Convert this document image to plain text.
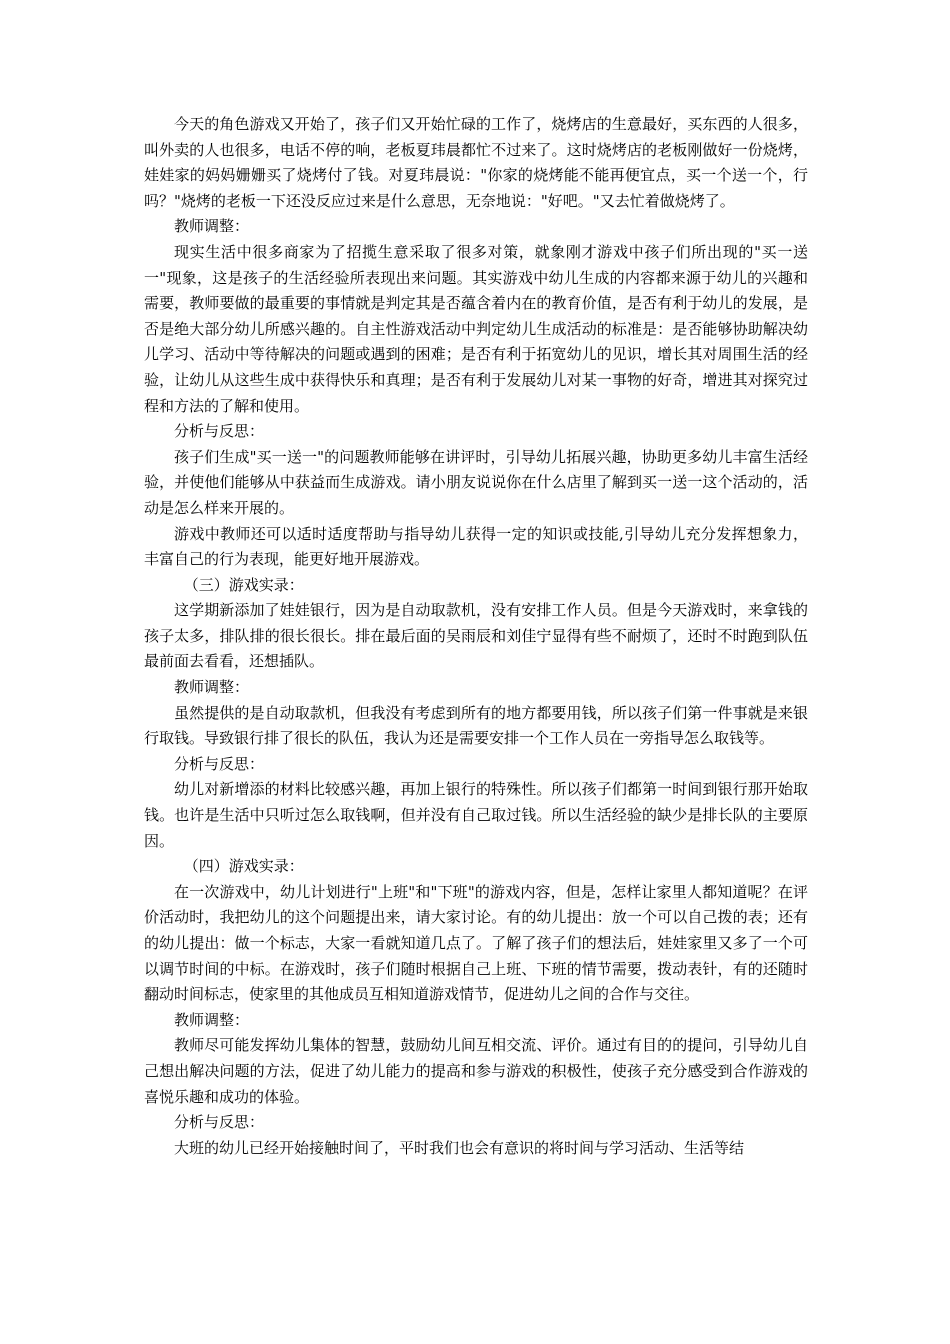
今天的角色游戏又开始了，孩子们又开始忙碌的工作了，烧烤店的生意最好，买东西的人很多，叫外卖的人也很多，电话不停的响，老板夏玮晨都忙不过来了。这时烧烤店的老板刚做好一份烧烤，娃娃家的妈妈姗姗买了烧烤付了钱。对夏玮晨说："你家的烧烤能不能再便宜点，买一个送一个，行吗？"烧烤的老板一下还没反应过来是什么意思，无奈地说："好吧。"又去忙着做烧烤了。

教师调整：

现实生活中很多商家为了招揽生意采取了很多对策，就象刚才游戏中孩子们所出现的"买一送一"现象，这是孩子的生活经验所表现出来问题。其实游戏中幼儿生成的内容都来源于幼儿的兴趣和需要，教师要做的最重要的事情就是判定其是否蕴含着内在的教育价值，是否有利于幼儿的发展，是否是绝大部分幼儿所感兴趣的。自主性游戏活动中判定幼儿生成活动的标准是：是否能够协助解决幼儿学习、活动中等待解决的问题或遇到的困难；是否有利于拓宽幼儿的见识，增长其对周围生活的经验，让幼儿从这些生成中获得快乐和真理；是否有利于发展幼儿对某一事物的好奇，增进其对探究过程和方法的了解和使用。

分析与反思：

孩子们生成"买一送一"的问题教师能够在讲评时，引导幼儿拓展兴趣，协助更多幼儿丰富生活经验，并使他们能够从中获益而生成游戏。请小朋友说说你在什么店里了解到买一送一这个活动的，活动是怎么样来开展的。

游戏中教师还可以适时适度帮助与指导幼儿获得一定的知识或技能,引导幼儿充分发挥想象力，丰富自己的行为表现，能更好地开展游戏。

（三）游戏实录：

这学期新添加了娃娃银行，因为是自动取款机，没有安排工作人员。但是今天游戏时，来拿钱的孩子太多，排队排的很长很长。排在最后面的吴雨辰和刘佳宁显得有些不耐烦了，还时不时跑到队伍最前面去看看，还想插队。

教师调整：

虽然提供的是自动取款机，但我没有考虑到所有的地方都要用钱，所以孩子们第一件事就是来银行取钱。导致银行排了很长的队伍，我认为还是需要安排一个工作人员在一旁指导怎么取钱等。

分析与反思：

幼儿对新增添的材料比较感兴趣，再加上银行的特殊性。所以孩子们都第一时间到银行那开始取钱。也许是生活中只听过怎么取钱啊，但并没有自己取过钱。所以生活经验的缺少是排长队的主要原因。

（四）游戏实录：

在一次游戏中，幼儿计划进行"上班"和"下班"的游戏内容，但是，怎样让家里人都知道呢？在评价活动时，我把幼儿的这个问题提出来，请大家讨论。有的幼儿提出：放一个可以自己拨的表；还有的幼儿提出：做一个标志，大家一看就知道几点了。了解了孩子们的想法后，娃娃家里又多了一个可以调节时间的中标。在游戏时，孩子们随时根据自己上班、下班的情节需要，拨动表针，有的还随时翻动时间标志，使家里的其他成员互相知道游戏情节，促进幼儿之间的合作与交往。

教师调整：

教师尽可能发挥幼儿集体的智慧，鼓励幼儿间互相交流、评价。通过有目的的提问，引导幼儿自己想出解决问题的方法，促进了幼儿能力的提高和参与游戏的积极性，使孩子充分感受到合作游戏的喜悦乐趣和成功的体验。

分析与反思：

大班的幼儿已经开始接触时间了，平时我们也会有意识的将时间与学习活动、生活等结
